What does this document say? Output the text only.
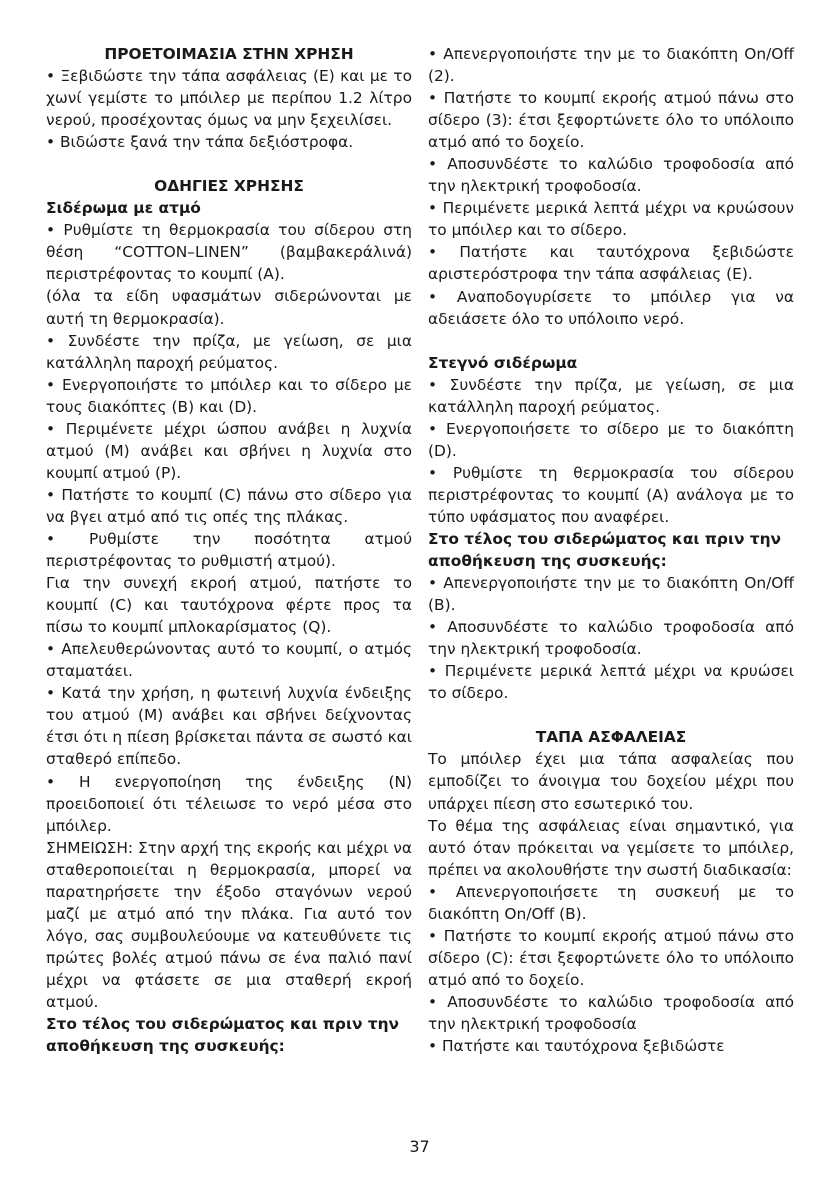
ΠΡΟΕΤΟΙΜΑΣΙΑ ΣΤΗΝ ΧΡΗΣΗ

• Ξεβιδώστε την τάπα ασφάλειας (E) και με το χωνί γεμίστε το μπόιλερ με περίπου 1.2 λίτρο νερού, προσέχοντας όμως να μην ξεχειλίσει.

• Βιδώστε ξανά την τάπα δεξιόστροφα.

ΟΔΗΓΙΕΣ ΧΡΗΣΗΣ

Σιδέρωμα με ατμό

• Ρυθμίστε τη θερμοκρασία του σίδερου στη θέση “COTTON–LINEN” (βαμβακεράλινά) περιστρέφοντας το κουμπί (A).

(όλα τα είδη υφασμάτων σιδερώνονται με αυτή τη θερμοκρασία).

• Συνδέστε την πρίζα, με γείωση, σε μια κατάλληλη παροχή ρεύματος.

• Ενεργοποιήστε το μπόιλερ και το σίδερο με τους διακόπτες (B) και (D).

• Περιμένετε μέχρι ώσπου ανάβει η λυχνία ατμού (M) ανάβει και σβήνει η λυχνία στο κουμπί ατμού (P).

• Πατήστε το κουμπί (C) πάνω στο σίδερο για να βγει ατμό από τις οπές της πλάκας.

• Ρυθμίστε την ποσότητα ατμού περιστρέφοντας το ρυθμιστή ατμού).

Για την συνεχή εκροή ατμού, πατήστε το κουμπί (C) και ταυτόχρονα φέρτε προς τα πίσω το κουμπί μπλοκαρίσματος (Q).

• Απελευθερώνοντας αυτό το κουμπί, ο ατμός σταματάει.

• Κατά την χρήση, η φωτεινή λυχνία ένδειξης του ατμού (M) ανάβει και σβήνει δείχνοντας έτσι ότι η πίεση βρίσκεται πάντα σε σωστό και σταθερό επίπεδο.

• Η ενεργοποίηση της ένδειξης (N) προειδοποιεί ότι τέλειωσε το νερό μέσα στο μπόιλερ.

ΣΗΜΕΙΩΣΗ: Στην αρχή της εκροής και μέχρι να σταθεροποιείται η θερμοκρασία, μπορεί να παρατηρήσετε την έξοδο σταγόνων νερού μαζί με ατμό από την πλάκα. Για αυτό τον λόγο, σας συμβουλεύουμε να κατευθύνετε τις πρώτες βολές ατμού πάνω σε ένα παλιό πανί μέχρι να φτάσετε σε μια σταθερή εκροή ατμού.

Στο τέλος του σιδερώματος και πριν την αποθήκευση της συσκευής:

• Απενεργοποιήστε την με το διακόπτη On/Off (2).

• Πατήστε το κουμπί εκροής ατμού πάνω στο σίδερο (3): έτσι ξεφορτώνετε όλο το υπόλοιπο ατμό από το δοχείο.

• Αποσυνδέστε το καλώδιο τροφοδοσία από την ηλεκτρική τροφοδοσία.

• Περιμένετε μερικά λεπτά μέχρι να κρυώσουν το μπόιλερ και το σίδερο.

• Πατήστε και ταυτόχρονα ξεβιδώστε αριστερόστροφα την τάπα ασφάλειας (E).

• Αναποδογυρίσετε το μπόιλερ για να αδειάσετε όλο το υπόλοιπο νερό.

Στεγνό σιδέρωμα

• Συνδέστε την πρίζα, με γείωση, σε μια κατάλληλη παροχή ρεύματος.

• Ενεργοποιήσετε το σίδερο με το διακόπτη (D).

• Ρυθμίστε τη θερμοκρασία του σίδερου περιστρέφοντας το κουμπί (A) ανάλογα με το τύπο υφάσματος που αναφέρει.

Στο τέλος του σιδερώματος και πριν την αποθήκευση της συσκευής:

• Απενεργοποιήστε την με το διακόπτη On/Off (B).

• Αποσυνδέστε το καλώδιο τροφοδοσία από την ηλεκτρική τροφοδοσία.

• Περιμένετε μερικά λεπτά μέχρι να κρυώσει το σίδερο.

ΤΑΠΑ ΑΣΦΑΛΕΙΑΣ

Το μπόιλερ έχει μια τάπα ασφαλείας που εμποδίζει το άνοιγμα του δοχείου μέχρι που υπάρχει πίεση στο εσωτερικό του.

Το θέμα της ασφάλειας είναι σημαντικό, για αυτό όταν πρόκειται να γεμίσετε το μπόιλερ, πρέπει να ακολουθήστε την σωστή διαδικασία:

• Απενεργοποιήσετε τη συσκευή με το διακόπτη On/Off (B).

• Πατήστε το κουμπί εκροής ατμού πάνω στο σίδερο (C): έτσι ξεφορτώνετε όλο το υπόλοιπο ατμό από το δοχείο.

• Αποσυνδέστε το καλώδιο τροφοδοσία από την ηλεκτρική τροφοδοσία

• Πατήστε και ταυτόχρονα ξεβιδώστε

37
